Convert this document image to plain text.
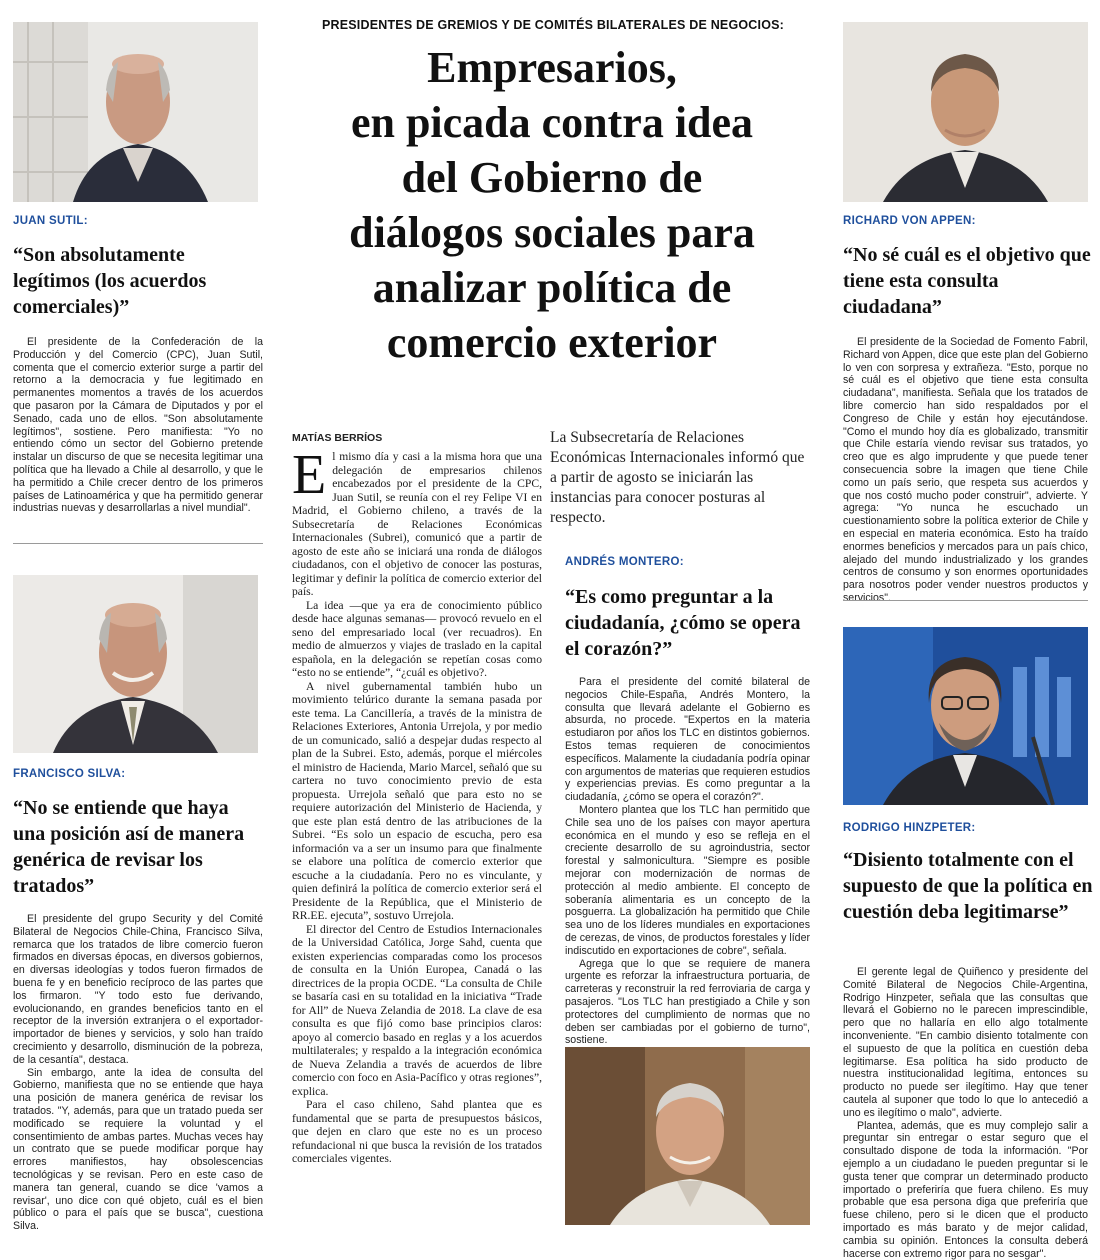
PRESIDENTES DE GREMIOS Y DE COMITÉS BILATERALES DE NEGOCIOS:
Empresarios,
en picada contra idea
del Gobierno de
diálogos sociales para
analizar política de
comercio exterior
JUAN SUTIL:
“Son absolutamente legítimos (los acuerdos comerciales)”

El presidente de la Confederación de la Producción y del Comercio (CPC), Juan Sutil, comenta que el comercio exterior surge a partir del retorno a la democracia y fue legitimado en permanentes momentos a través de los acuerdos que pasaron por la Cámara de Diputados y por el Senado, cada uno de ellos. "Son absolutamente legítimos", sostiene. Pero manifiesta: "Yo no entiendo cómo un sector del Gobierno pretende instalar un discurso de que se necesita legitimar una política que ha llevado a Chile al desarrollo, y que le ha permitido a Chile crecer dentro de los primeros países de Latinoamérica y que ha permitido generar industrias nuevas y desarrollarlas a nivel mundial".

FRANCISCO SILVA:
“No se entiende que haya una posición así de manera genérica de revisar los tratados”

El presidente del grupo Security y del Comité Bilateral de Negocios Chile-China, Francisco Silva, remarca que los tratados de libre comercio fueron firmados en diversas épocas, en diversos gobiernos, en diversas ideologías y todos fueron firmados de buena fe y en beneficio recíproco de las partes que los firmaron. "Y todo esto fue derivando, evolucionando, en grandes beneficios tanto en el receptor de la inversión extranjera o el exportador-importador de bienes y servicios, y solo han traído crecimiento y desarrollo, disminución de la pobreza, de la cesantía", destaca.

Sin embargo, ante la idea de consulta del Gobierno, manifiesta que no se entiende que haya una posición de manera genérica de revisar los tratados. "Y, además, para que un tratado pueda ser modificado se requiere la voluntad y el consentimiento de ambas partes. Muchas veces hay un contrato que se puede modificar porque hay errores manifiestos, hay obsolescencias tecnológicas y se revisan. Pero en este caso de manera tan general, cuando se dice 'vamos a revisar', uno dice con qué objeto, cuál es el bien público o para el país que se busca", cuestiona Silva.

MATÍAS BERRÍOS

El mismo día y casi a la misma hora que una delegación de empresarios chilenos encabezados por el presidente de la CPC, Juan Sutil, se reunía con el rey Felipe VI en Madrid, el Gobierno chileno, a través de la Subsecretaría de Relaciones Económicas Internacionales (Subrei), comunicó que a partir de agosto de este año se iniciará una ronda de diálogos ciudadanos, con el objetivo de conocer las posturas, legitimar y definir la política de comercio exterior del país.

La idea —que ya era de conocimiento público desde hace algunas semanas— provocó revuelo en el seno del empresariado local (ver recuadros). En medio de almuerzos y viajes de traslado en la capital española, en la delegación se repetían cosas como “esto no se entiende”, “¿cuál es objetivo?.

A nivel gubernamental también hubo un movimiento telúrico durante la semana pasada por este tema. La Cancillería, a través de la ministra de Relaciones Exteriores, Antonia Urrejola, y por medio de un comunicado, salió a despejar dudas respecto al plan de la Subrei. Esto, además, porque el miércoles el ministro de Hacienda, Mario Marcel, señaló que su cartera no tuvo conocimiento previo de esta propuesta. Urrejola señaló que para esto no se requiere autorización del Ministerio de Hacienda, y que este plan está dentro de las atribuciones de la Subrei. “Es solo un espacio de escucha, pero esa información va a ser un insumo para que finalmente se elabore una política de comercio exterior que escuche a la ciudadanía. Pero no es vinculante, y quien definirá la política de comercio exterior será el Presidente de la República, que el Ministerio de RR.EE. ejecuta”, sostuvo Urrejola.

El director del Centro de Estudios Internacionales de la Universidad Católica, Jorge Sahd, cuenta que existen experiencias comparadas como los procesos de consulta en la Unión Europea, Canadá o las directrices de la propia OCDE. “La consulta de Chile se basaría casi en su totalidad en la iniciativa “Trade for All” de Nueva Zelandia de 2018. La clave de esa consulta es que fijó como base principios claros: apoyo al comercio basado en reglas y a los acuerdos multilaterales; y respaldo a la integración económica de Nueva Zelandia a través de acuerdos de libre comercio con foco en Asia-Pacífico y otras regiones”, explica.

Para el caso chileno, Sahd plantea que es fundamental que se parta de presupuestos básicos, que dejen en claro que este no es un proceso refundacional ni que busca la revisión de los tratados comerciales vigentes.

La Subsecretaría de Relaciones Económicas Internacionales informó que a partir de agosto se iniciarán las instancias para conocer posturas al respecto.
ANDRÉS MONTERO:
“Es como preguntar a la ciudadanía, ¿cómo se opera el corazón?”

Para el presidente del comité bilateral de negocios Chile-España, Andrés Montero, la consulta que llevará adelante el Gobierno es absurda, no procede. "Expertos en la materia estudiaron por años los TLC en distintos gobiernos. Estos temas requieren de conocimientos específicos. Malamente la ciudadanía podría opinar con argumentos de materias que requieren estudios y experiencias previas. Es como preguntar a la ciudadanía, ¿cómo se opera el corazón?".

Montero plantea que los TLC han permitido que Chile sea uno de los países con mayor apertura económica en el mundo y eso se refleja en el creciente desarrollo de su agroindustria, sector forestal y salmonicultura. "Siempre es posible mejorar con modernización de normas de protección al medio ambiente. El concepto de soberanía alimentaria es un concepto de la posguerra. La globalización ha permitido que Chile sea uno de los líderes mundiales en exportaciones de cerezas, de vinos, de productos forestales y líder indiscutido en exportaciones de cobre", señala.

Agrega que lo que se requiere de manera urgente es reforzar la infraestructura portuaria, de carreteras y reconstruir la red ferroviaria de carga y pasajeros. "Los TLC han prestigiado a Chile y son protectores del cumplimiento de normas que no deben ser cambiadas por el gobierno de turno", sostiene.

RICHARD VON APPEN:
“No sé cuál es el objetivo que tiene esta consulta ciudadana”

El presidente de la Sociedad de Fomento Fabril, Richard von Appen, dice que este plan del Gobierno lo ven con sorpresa y extrañeza. "Esto, porque no sé cuál es el objetivo que tiene esta consulta ciudadana", manifiesta. Señala que los tratados de libre comercio han sido respaldados por el Congreso de Chile y están hoy ejecutándose. "Como el mundo hoy día es globalizado, transmitir que Chile estaría viendo revisar sus tratados, yo creo que es algo imprudente y que puede tener consecuencia sobre la imagen que tiene Chile como un país serio, que respeta sus acuerdos y que nos costó mucho poder construir", advierte. Y agrega: "Yo nunca he escuchado un cuestionamiento sobre la política exterior de Chile y en especial en materia económica. Esto ha traído enormes beneficios y mercados para un país chico, alejado del mundo industrializado y los grandes centros de consumo y son enormes oportunidades para nosotros poder vender nuestros productos y servicios".

RODRIGO HINZPETER:
“Disiento totalmente con el supuesto de que la política en cuestión deba legitimarse”

El gerente legal de Quiñenco y presidente del Comité Bilateral de Negocios Chile-Argentina, Rodrigo Hinzpeter, señala que las consultas que llevará el Gobierno no le parecen imprescindible, pero que no hallaría en ello algo totalmente inconveniente. "En cambio disiento totalmente con el supuesto de que la política en cuestión deba legitimarse. Esa política ha sido producto de nuestra institucionalidad legítima, entonces su producto no puede ser ilegítimo. Hay que tener cautela al suponer que todo lo que lo antecedió a uno es ilegítimo o malo", advierte.

Plantea, además, que es muy complejo salir a preguntar sin entregar o estar seguro que el consultado dispone de toda la información. "Por ejemplo a un ciudadano le pueden preguntar si le gusta tener que comprar un determinado producto importado o preferiría que fuera chileno. Es muy probable que esa persona diga que preferiría que fuese chileno, pero si le dicen que el producto importado es más barato y de mejor calidad, cambia su opinión. Entonces la consulta deberá hacerse con extremo rigor para no sesgar".
